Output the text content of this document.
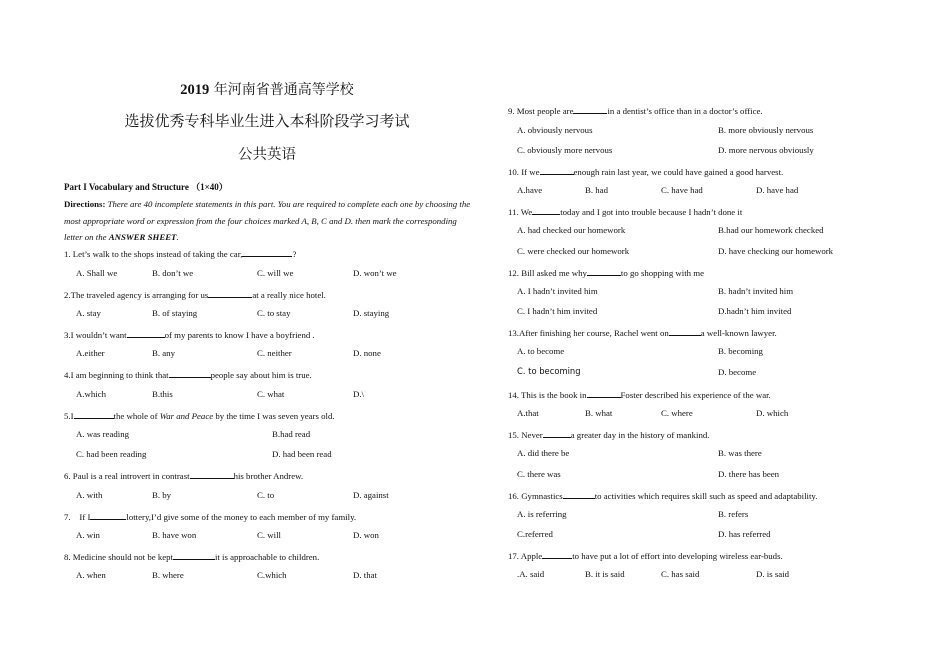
2019 年河南省普通高等学校
选拔优秀专科毕业生进入本科阶段学习考试
公共英语
Part I Vocabulary and Structure （1×40）
Directions: There are 40 incomplete statements in this part. You are required to complete each one by choosing the most appropriate word or expression from the four choices marked A, B, C and D. then mark the corresponding letter on the ANSWER SHEET.
1. Let’s walk to the shops instead of taking the car,	?
A. Shall we	B. don’t we	C. will we	D. won’t we
2.The traveled agency is arranging for us	at a really nice hotel.
A. stay	B. of staying	C. to stay	D. staying
3.I wouldn’t want	of my parents to know I have a boyfriend .
A.either	B. any	C. neither	D. none
4.I am beginning to think that	people say about him is true.
A.which	B.this	C. what	D.\
5.I	the whole of War and Peace by the time I was seven years old.
A. was reading	B.had read
C. had been reading	D. had been read
6. Paul is a real introvert in contrast	his brother Andrew.
A. with	B. by	C. to	D. against
7.    If I	lottery,I’d give some of the money to each member of my family.
A. win	B. have won	C. will	D. won
8. Medicine should not be kept	it is approachable to children.
A. when	B. where	C.which	D. that
9. Most people are	in a dentist’s office than in a doctor’s office.
A. obviously nervous	B. more obviously nervous
C. obviously more nervous	D. more nervous obviously
10. If we	enough rain last year, we could have gained a good harvest.
A.have	B. had	C. have had	D. have had
11. We	today and I got into trouble because I hadn’t done it
A. had checked our homework	B.had our homework checked
C. were checked our homework	D. have checking our homework
12. Bill asked me why	to go shopping with me
A. I hadn’t invited him	B. hadn’t invited him
C. I hadn’t him invited	D.hadn’t him invited
13.After finishing her course, Rachel went on	a well-known lawyer.
A. to become	B. becoming
C. to becoming	D. become
14. This is the book in	Foster described his experience of the war.
A.that	B. what	C. where	D. which
15. Never	a greater day in the history of mankind.
A. did there be	B. was there
C. there was	D. there has been
16. Gymnastics	to activities which requires skill such as speed and adaptability.
A. is referring	B. refers
C.referred	D. has referred
17. Apple	to have put a lot of effort into developing wireless ear-buds.
.A. said	B. it is said	C. has said	D. is said
